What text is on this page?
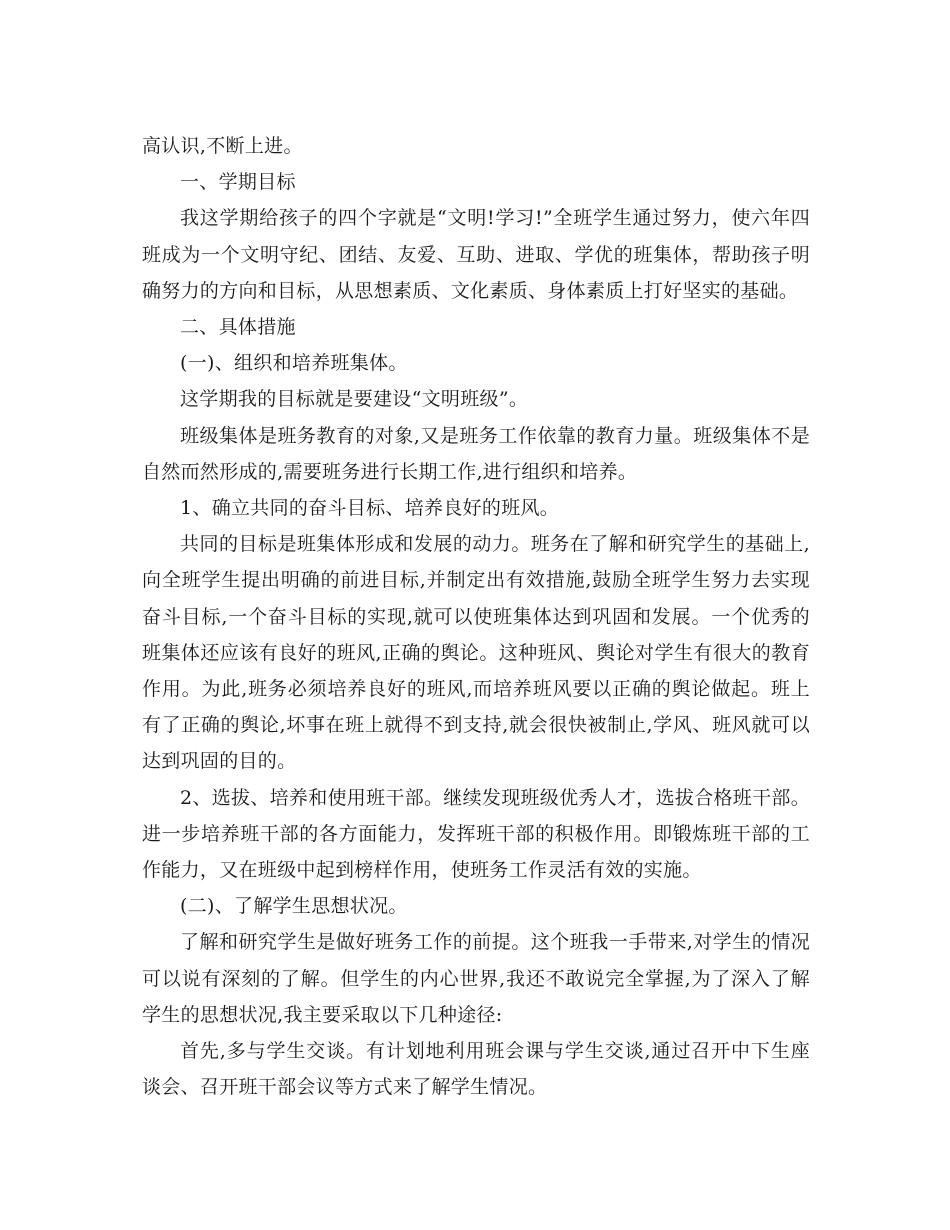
高认识,不断上进。

一、学期目标

我这学期给孩子的四个字就是“文明!学习!”全班学生通过努力，使六年四班成为一个文明守纪、团结、友爱、互助、进取、学优的班集体，帮助孩子明确努力的方向和目标，从思想素质、文化素质、身体素质上打好坚实的基础。

二、具体措施

(一)、组织和培养班集体。

这学期我的目标就是要建设“文明班级”。

班级集体是班务教育的对象,又是班务工作依靠的教育力量。班级集体不是自然而然形成的,需要班务进行长期工作,进行组织和培养。

1、确立共同的奋斗目标、培养良好的班风。

共同的目标是班集体形成和发展的动力。班务在了解和研究学生的基础上,向全班学生提出明确的前进目标,并制定出有效措施,鼓励全班学生努力去实现奋斗目标,一个奋斗目标的实现,就可以使班集体达到巩固和发展。一个优秀的班集体还应该有良好的班风,正确的舆论。这种班风、舆论对学生有很大的教育作用。为此,班务必须培养良好的班风,而培养班风要以正确的舆论做起。班上有了正确的舆论,坏事在班上就得不到支持,就会很快被制止,学风、班风就可以达到巩固的目的。

2、选拔、培养和使用班干部。继续发现班级优秀人才，选拔合格班干部。进一步培养班干部的各方面能力，发挥班干部的积极作用。即锻炼班干部的工作能力，又在班级中起到榜样作用，使班务工作灵活有效的实施。

(二)、了解学生思想状况。

了解和研究学生是做好班务工作的前提。这个班我一手带来,对学生的情况可以说有深刻的了解。但学生的内心世界,我还不敢说完全掌握,为了深入了解学生的思想状况,我主要采取以下几种途径:

首先,多与学生交谈。有计划地利用班会课与学生交谈,通过召开中下生座谈会、召开班干部会议等方式来了解学生情况。
